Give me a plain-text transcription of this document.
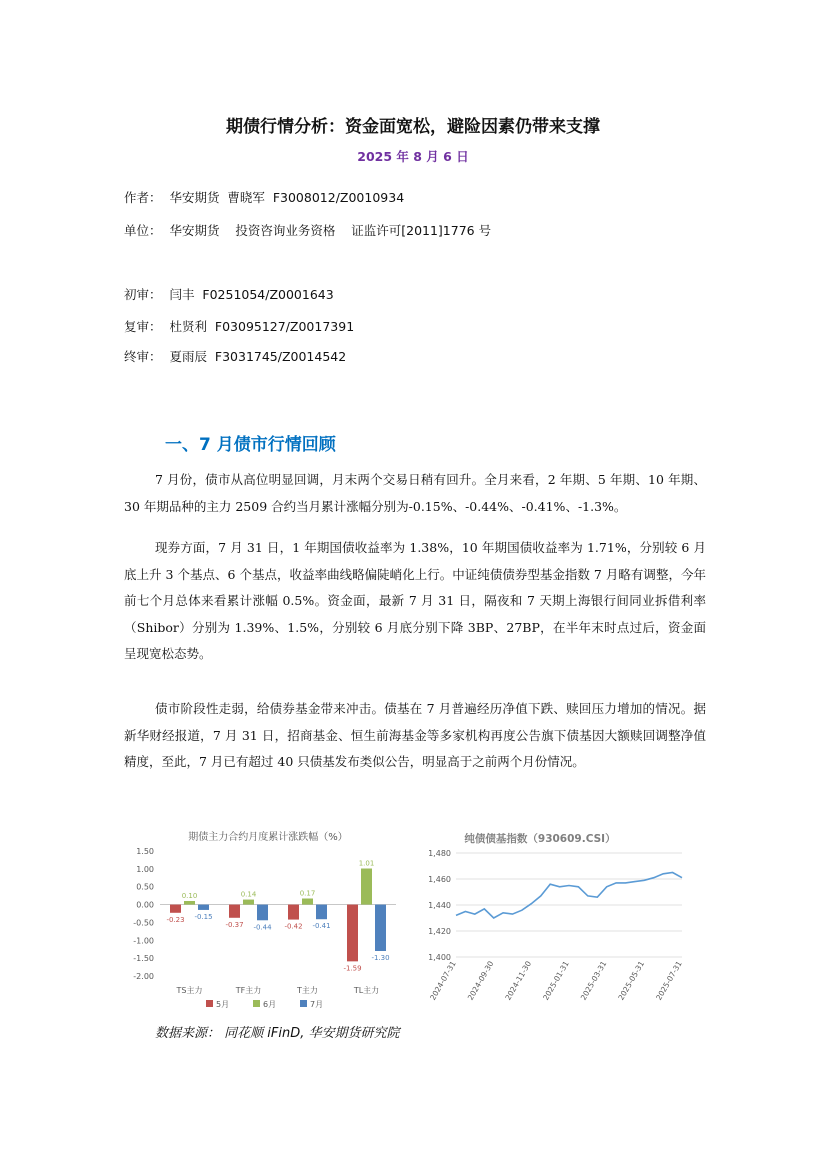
期债行情分析：资金面宽松，避险因素仍带来支撑
2025 年 8 月 6 日
作者：  华安期货  曹晓军  F3008012/Z0010934
单位：  华安期货    投资咨询业务资格    证监许可[2011]1776 号
初审：  闫丰  F0251054/Z0001643
复审：  杜贤利  F03095127/Z0017391
终审：  夏雨辰  F3031745/Z0014542
一、7 月债市行情回顾
7 月份，债市从高位明显回调，月末两个交易日稍有回升。全月来看，2 年期、5 年期、10 年期、30 年期品种的主力 2509 合约当月累计涨幅分别为-0.15%、-0.44%、-0.41%、-1.3%。
现券方面，7 月 31 日，1 年期国债收益率为 1.38%，10 年期国债收益率为 1.71%，分别较 6 月底上升 3 个基点、6 个基点，收益率曲线略偏陡峭化上行。中证纯债债券型基金指数 7 月略有调整，今年前七个月总体来看累计涨幅 0.5%。资金面，最新 7 月 31 日，隔夜和 7 天期上海银行间同业拆借利率（Shibor）分别为 1.39%、1.5%，分别较 6 月底分别下降 3BP、27BP，在半年末时点过后，资金面呈现宽松态势。
债市阶段性走弱，给债券基金带来冲击。债基在 7 月普遍经历净值下跌、赎回压力增加的情况。据新华财经报道，7 月 31 日，招商基金、恒生前海基金等多家机构再度公告旗下债基因大额赎回调整净值精度，至此，7 月已有超过 40 只债基发布类似公告，明显高于之前两个月份情况。
期债主力合约月度累计涨跌幅（%）
1.50
1.00
0.50
0.00
-0.50
-1.00
-1.50
-2.00
-0.23
0.10
-0.15
-0.37
0.14
-0.44 -0.42
0.17
-0.41
-1.59
1.01
-1.30
TS主力	TF主力	T主力	TL主力
5月	6月	7月
纯债债基指数（930609.CSI）
1,480
1,460
1,440
1,420
1,400
2024-07-31 2024-09-30 2024-11-30 2025-01-31 2025-03-31 2025-05-31 2025-07-31
数据来源： 同花顺 iFinD, 华安期货研究院
